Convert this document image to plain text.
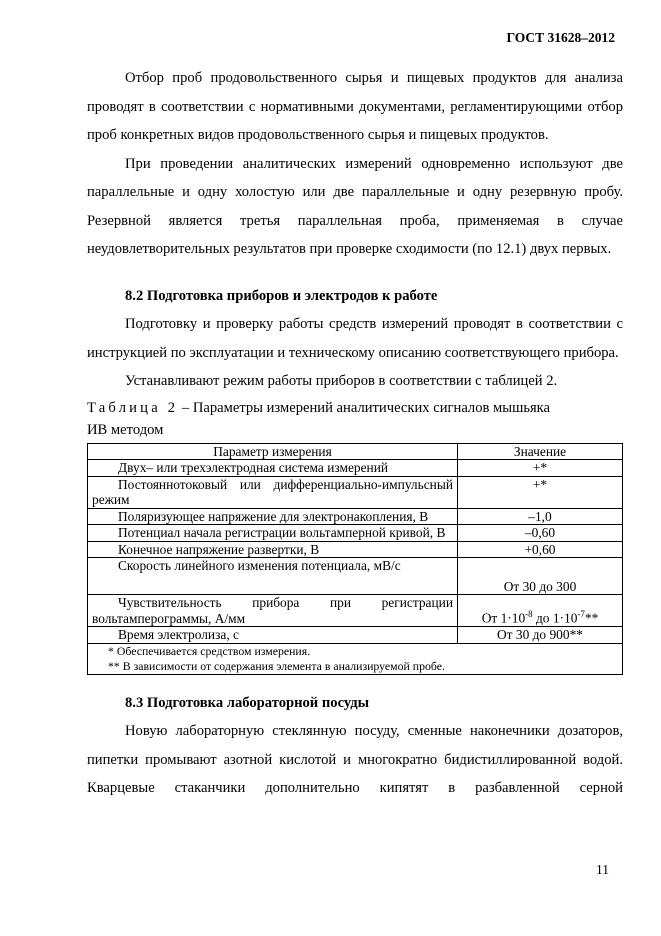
ГОСТ 31628–2012

Отбор проб продовольственного сырья и пищевых продуктов для анализа проводят в соответствии с нормативными документами, регламентирующими отбор проб конкретных видов продовольственного сырья и пищевых продуктов.

При проведении аналитических измерений одновременно используют две параллельные и одну холостую или две параллельные и одну резервную пробу. Резервной является третья параллельная проба, применяемая в случае неудовлетворительных результатов при проверке сходимости (по 12.1) двух первых.

8.2 Подготовка приборов и электродов к работе

Подготовку и проверку работы средств измерений проводят в соответствии с инструкцией по эксплуатации и техническому описанию соответствующего прибора.

Устанавливают режим работы приборов в соответствии с таблицей 2.

Таблица 2 – Параметры измерений аналитических сигналов мышьяка

ИВ методом

Параметр измерения	Значение
Двух– или трехэлектродная система измерений	+*
Постояннотоковый или дифференциально-импульсный режим	+*
Поляризующее напряжение для электронакопления, В	–1,0
Потенциал начала регистрации вольтамперной кривой, В	–0,60
Конечное напряжение развертки, В	+0,60
Скорость линейного изменения потенциала, мВ/с	От 30 до 300
Чувствительность прибора при регистрации вольтамперограммы, А/мм	От $1\cdot 10^{-8}$ до $1\cdot 10^{-7}**$
Время электролиза, с	От 30 до 900**

* Обеспечивается средством измерения.
** В зависимости от содержания элемента в анализируемой пробе.	

8.3 Подготовка лабораторной посуды

Новую лабораторную стеклянную посуду, сменные наконечники дозаторов, пипетки промывают азотной кислотой и многократно бидистиллированной водой. Кварцевые стаканчики дополнительно кипятят в разбавленной серной

11
